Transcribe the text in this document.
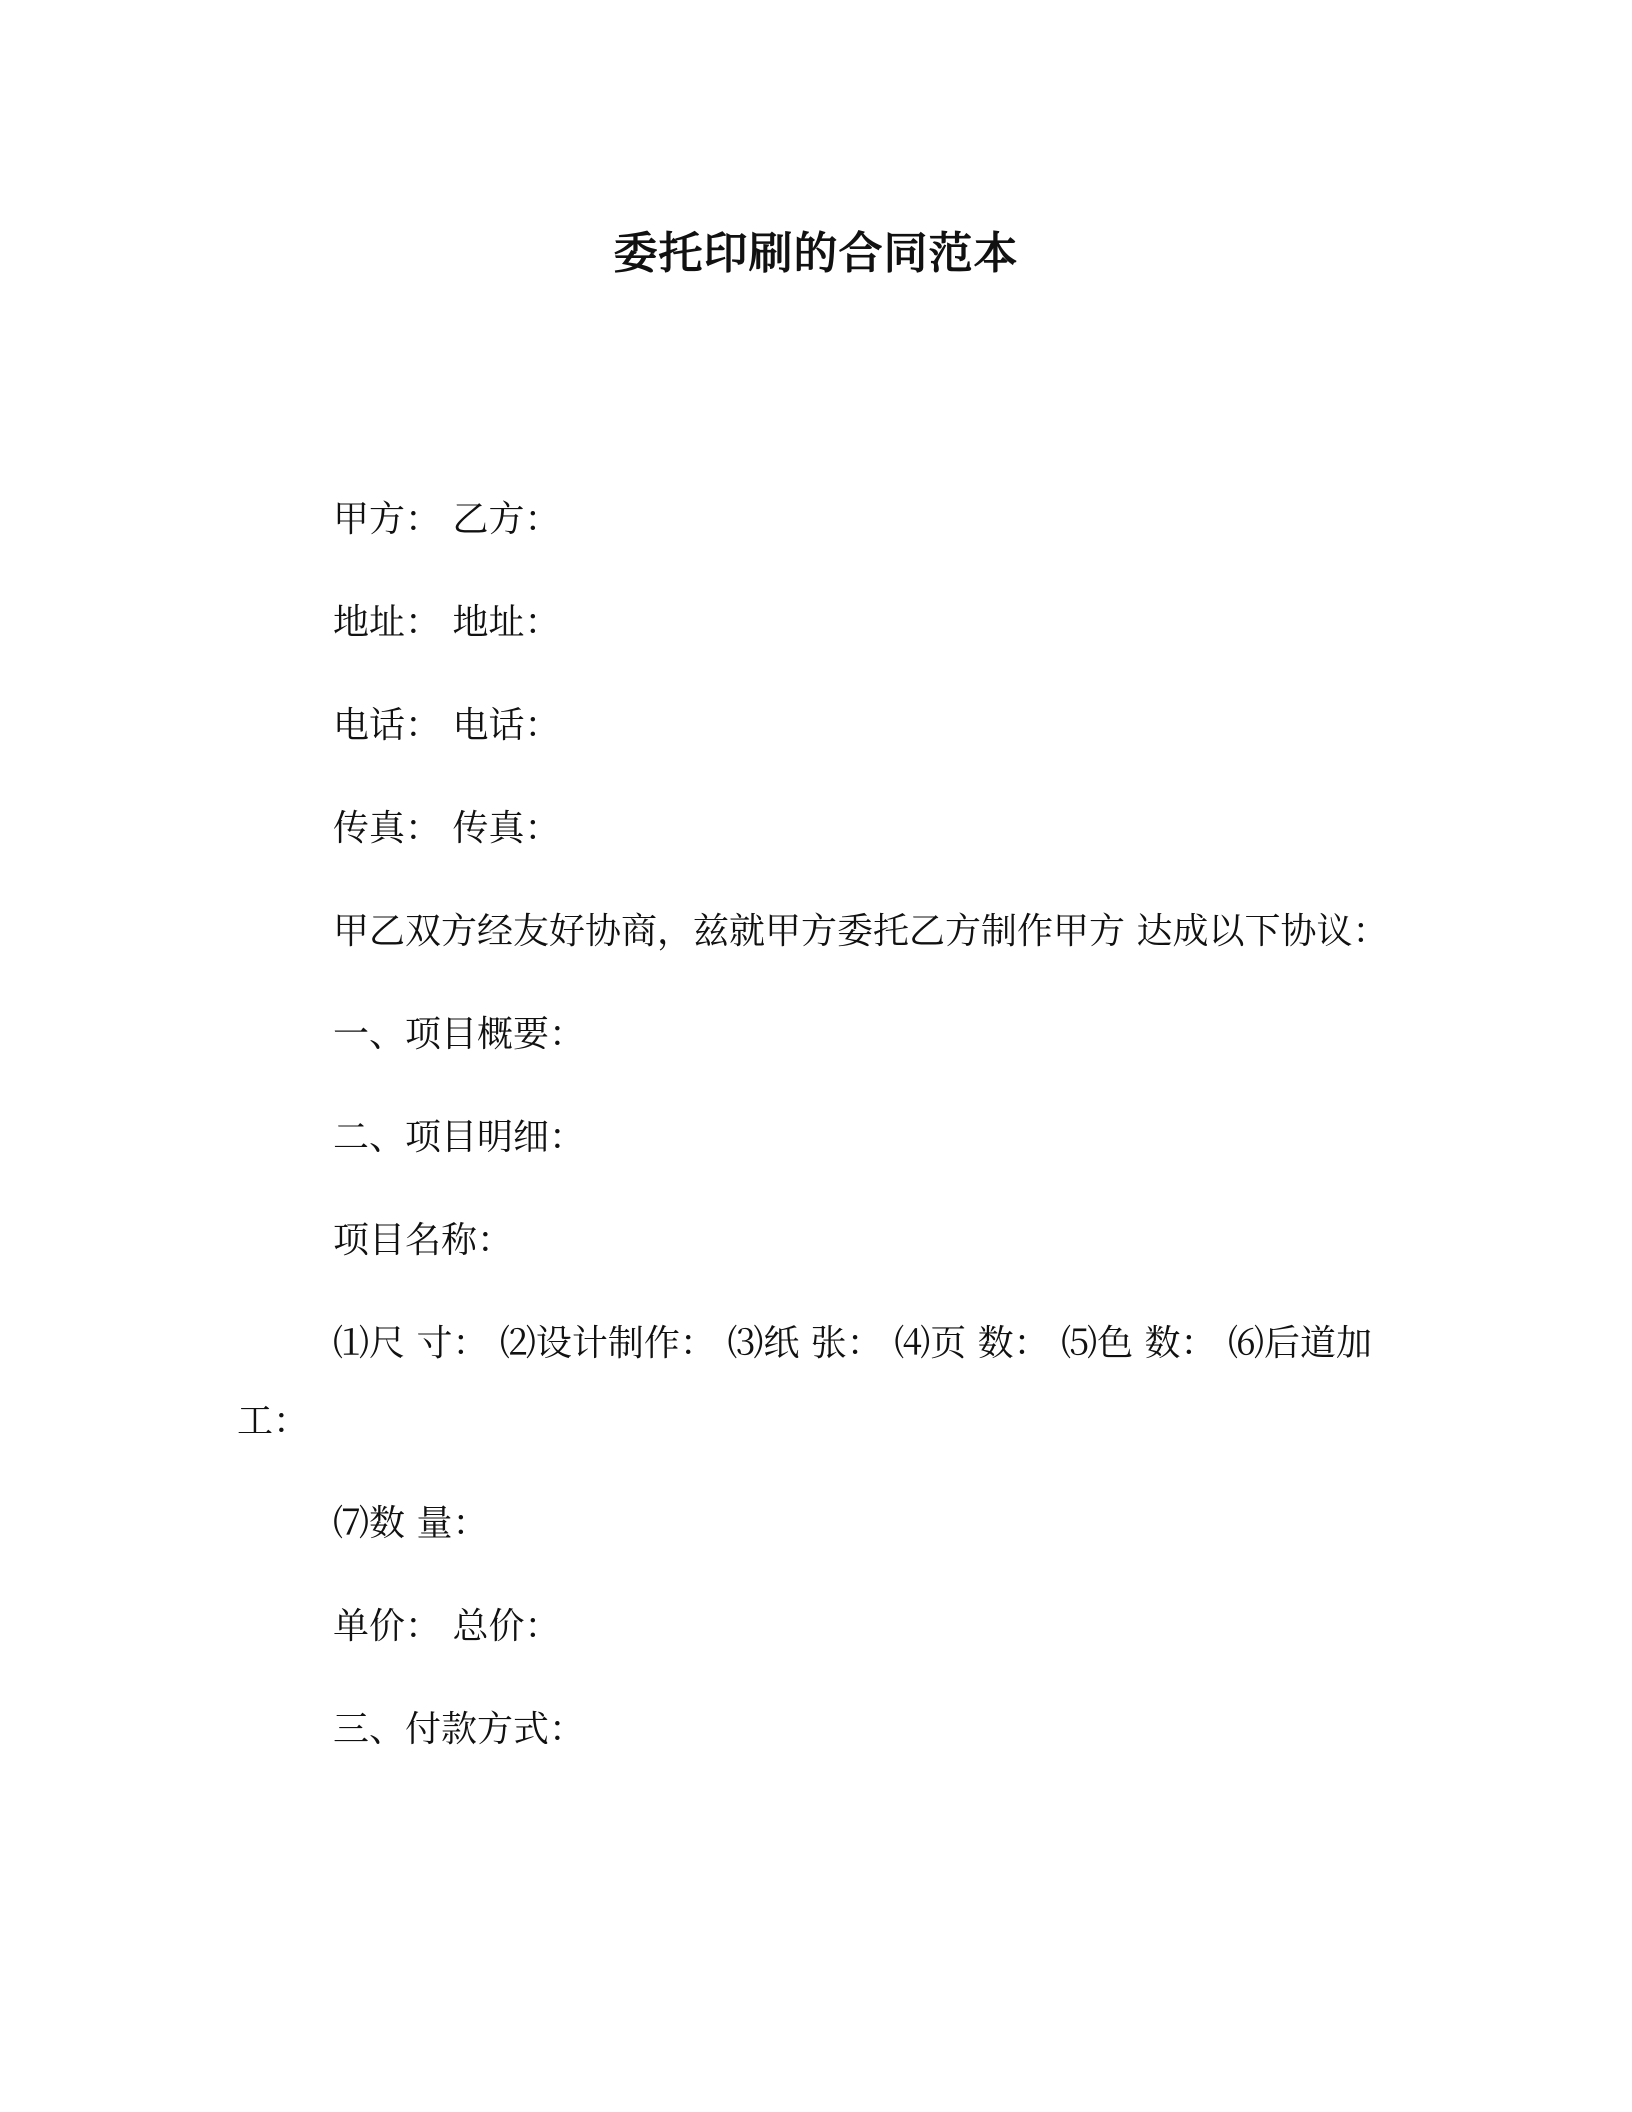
委托印刷的合同范本
甲方： 乙方：
地址： 地址：
电话： 电话：
传真： 传真：
甲乙双方经友好协商，兹就甲方委托乙方制作甲方 达成以下协议：
一、项目概要：
二、项目明细：
项目名称：
⑴尺 寸： ⑵设计制作： ⑶纸 张： ⑷页 数： ⑸色 数： ⑹后道加
工：
⑺数 量：
单价： 总价：
三、付款方式：
